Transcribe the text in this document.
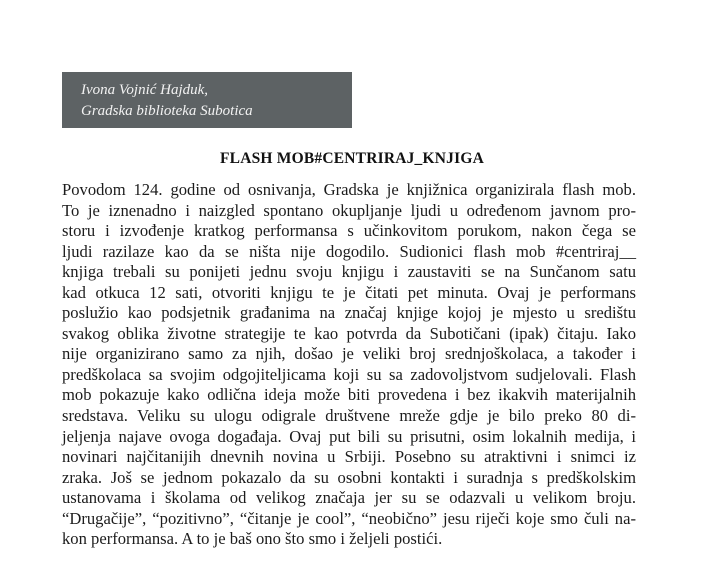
Ivona Vojnić Hajduk,
Gradska biblioteka Subotica
FLASH MOB#CENTRIRAJ_KNJIGA
Povodom 124. godine od osnivanja, Gradska je knjižnica organizirala flash mob.
To je iznenadno i naizgled spontano okupljanje ljudi u određenom javnom pro-
storu i izvođenje kratkog performansa s učinkovitom porukom, nakon čega se
ljudi razilaze kao da se ništa nije dogodilo. Sudionici flash mob #centriraj__
knjiga trebali su ponijeti jednu svoju knjigu i zaustaviti se na Sunčanom satu
kad otkuca 12 sati, otvoriti knjigu te je čitati pet minuta. Ovaj je performans
poslužio kao podsjetnik građanima na značaj knjige kojoj je mjesto u središtu
svakog oblika životne strategije te kao potvrda da Subotičani (ipak) čitaju. Iako
nije organizirano samo za njih, došao je veliki broj srednjoškolaca, a također i
predškolaca sa svojim odgojiteljicama koji su sa zadovoljstvom sudjelovali. Flash
mob pokazuje kako odlična ideja može biti provedena i bez ikakvih materijalnih
sredstava. Veliku su ulogu odigrale društvene mreže gdje je bilo preko 80 di-
jeljenja najave ovoga događaja. Ovaj put bili su prisutni, osim lokalnih medija, i
novinari najčitanijih dnevnih novina u Srbiji. Posebno su atraktivni i snimci iz
zraka. Još se jednom pokazalo da su osobni kontakti i suradnja s predškolskim
ustanovama i školama od velikog značaja jer su se odazvali u velikom broju.
“Drugačije”, “pozitivno”, “čitanje je cool”, “neobično” jesu riječi koje smo čuli na-
kon performansa. A to je baš ono što smo i željeli postići.
